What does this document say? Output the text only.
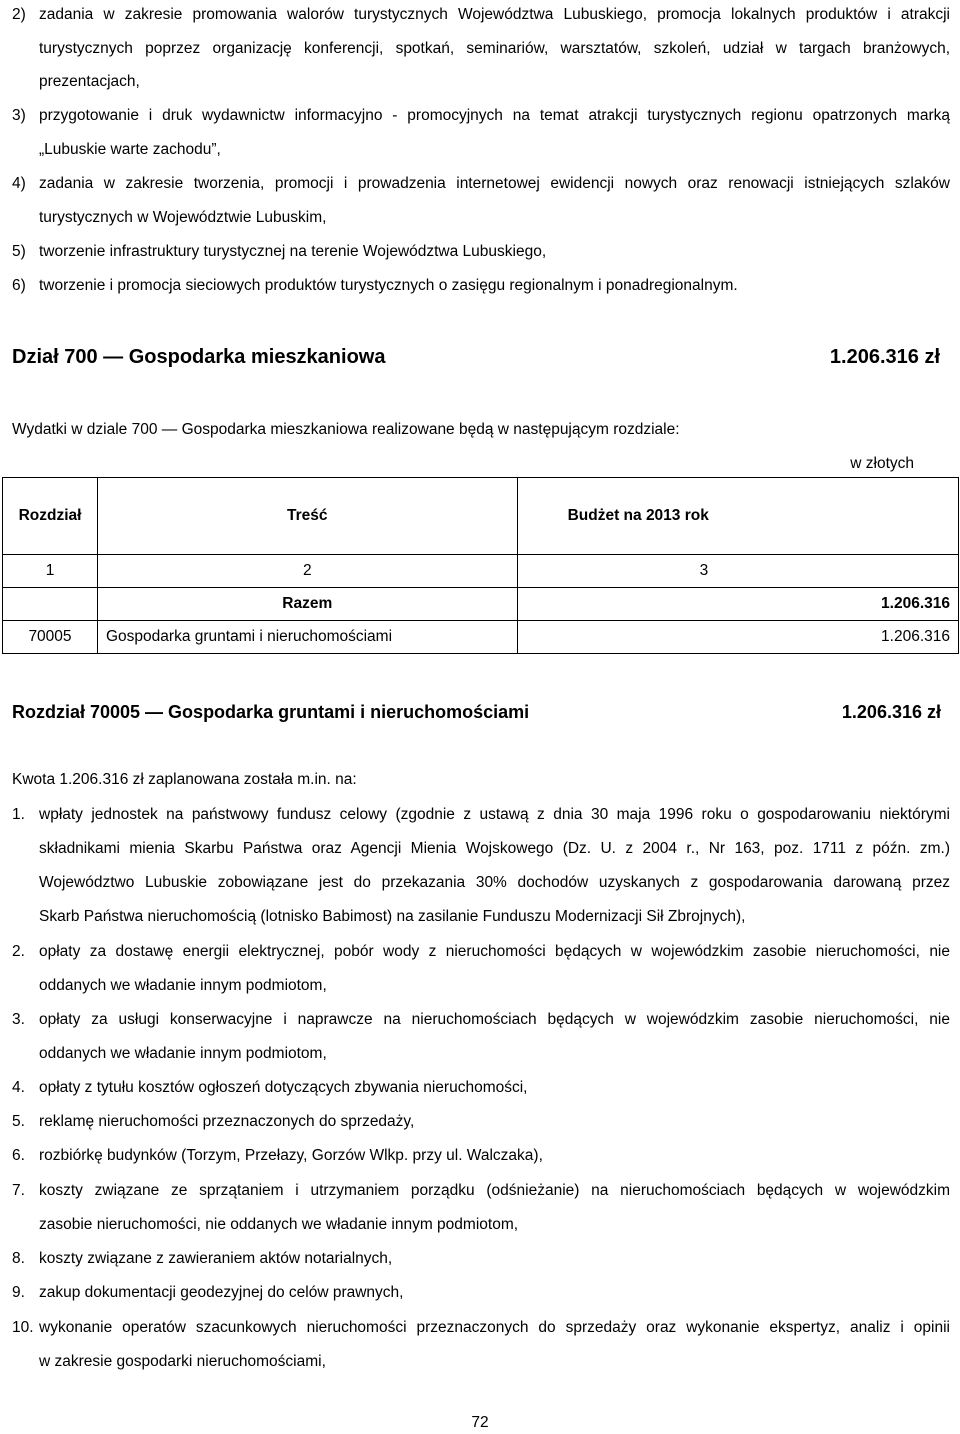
2) zadania w zakresie promowania walorów turystycznych Województwa Lubuskiego, promocja lokalnych produktów i atrakcji
turystycznych poprzez organizację konferencji, spotkań, seminariów, warsztatów, szkoleń, udział w targach branżowych,
prezentacjach,
3) przygotowanie i druk wydawnictw informacyjno - promocyjnych na temat atrakcji turystycznych regionu opatrzonych marką
„Lubuskie warte zachodu”,
4) zadania w zakresie tworzenia, promocji i prowadzenia internetowej ewidencji nowych oraz renowacji istniejących szlaków
turystycznych w Województwie Lubuskim,
5) tworzenie infrastruktury turystycznej na terenie Województwa Lubuskiego,
6) tworzenie i promocja sieciowych produktów turystycznych o zasięgu regionalnym i ponadregionalnym.
Dział 700 — Gospodarka mieszkaniowa	1.206.316 zł
Wydatki w dziale 700 — Gospodarka mieszkaniowa realizowane będą w następującym rozdziale:
w złotych
Rozdział	Treść	Budżet na 2013 rok
1	2	3
	Razem	1.206.316
70005	Gospodarka gruntami i nieruchomościami	1.206.316
Rozdział 70005 — Gospodarka gruntami i nieruchomościami	1.206.316 zł
Kwota 1.206.316 zł zaplanowana została m.in. na:
1. wpłaty jednostek na państwowy fundusz celowy (zgodnie z ustawą z dnia 30 maja 1996 roku o gospodarowaniu niektórymi
składnikami mienia Skarbu Państwa oraz Agencji Mienia Wojskowego (Dz. U. z 2004 r., Nr 163, poz. 1711 z późn. zm.)
Województwo Lubuskie zobowiązane jest do przekazania 30% dochodów uzyskanych z gospodarowania darowaną przez
Skarb Państwa nieruchomością (lotnisko Babimost) na zasilanie Funduszu Modernizacji Sił Zbrojnych),
2. opłaty za dostawę energii elektrycznej, pobór wody z nieruchomości będących w wojewódzkim zasobie nieruchomości, nie
oddanych we władanie innym podmiotom,
3. opłaty za usługi konserwacyjne i naprawcze na nieruchomościach będących w wojewódzkim zasobie nieruchomości, nie
oddanych we władanie innym podmiotom,
4. opłaty z tytułu kosztów ogłoszeń dotyczących zbywania nieruchomości,
5. reklamę nieruchomości przeznaczonych do sprzedaży,
6. rozbiórkę budynków (Torzym, Przełazy, Gorzów Wlkp. przy ul. Walczaka),
7. koszty związane ze sprzątaniem i utrzymaniem porządku (odśnieżanie) na nieruchomościach będących w wojewódzkim
zasobie nieruchomości, nie oddanych we władanie innym podmiotom,
8. koszty związane z zawieraniem aktów notarialnych,
9. zakup dokumentacji geodezyjnej do celów prawnych,
10. wykonanie operatów szacunkowych nieruchomości przeznaczonych do sprzedaży oraz wykonanie ekspertyz, analiz i opinii
w zakresie gospodarki nieruchomościami,
72
